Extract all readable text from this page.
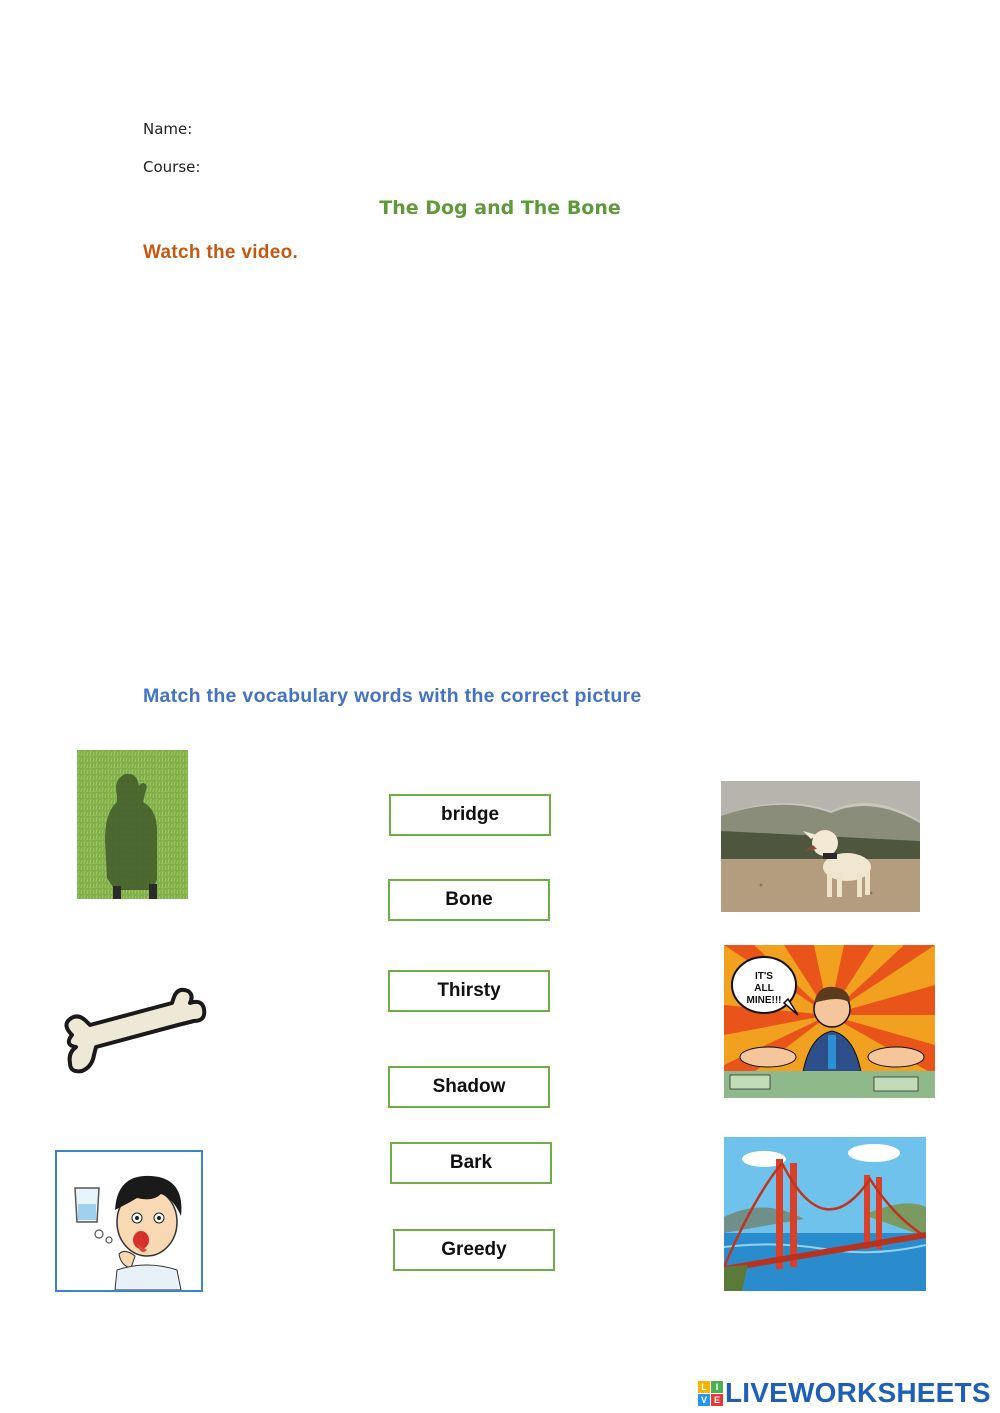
Name:
Course:
The Dog and The Bone
Watch the video.
Match the vocabulary words with the correct picture
bridge
Bone
Thirsty
Shadow
Bark
Greedy
IT'S
ALL
MINE!!!
L I
V E LIVEWORKSHEETS
